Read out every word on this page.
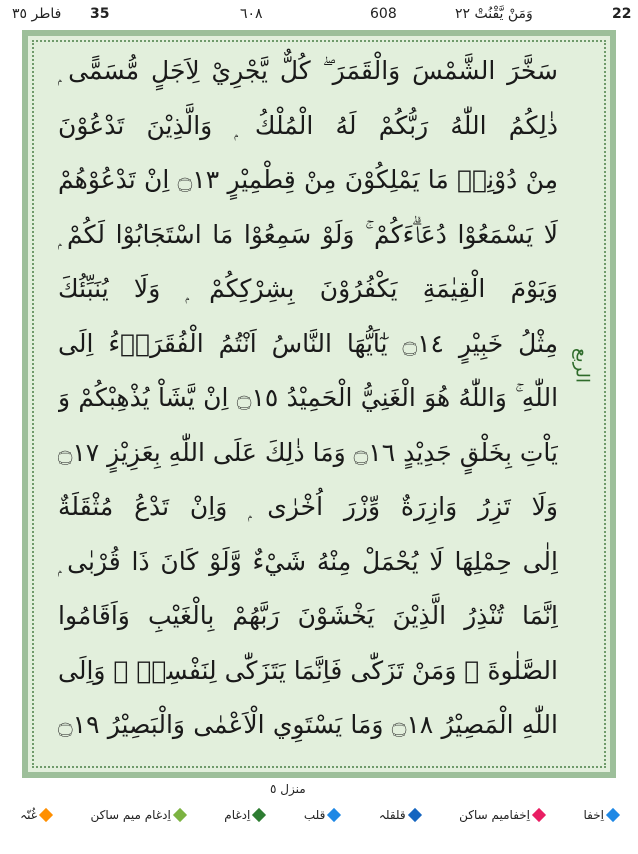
فاطر ٣٥ 35	٦٠٨	608	وَمَنْ يَّقْنُتْ ٢٢	22
سَخَّرَ الشَّمْسَ وَالْقَمَرَ ۖ كُلٌّ يَّجْرِيْ لِاَجَلٍ مُّسَمًّى ۭ
ذٰلِكُمُ اللّٰهُ رَبُّكُمْ لَهُ الْمُلْكُ ۭ وَالَّذِيْنَ تَدْعُوْنَ
مِنْ دُوْنِهٖ مَا يَمْلِكُوْنَ مِنْ قِطْمِيْرٍ ۝١٣ اِنْ تَدْعُوْهُمْ
لَا يَسْمَعُوْا دُعَاۗءَكُمْ ۚ وَلَوْ سَمِعُوْا مَا اسْتَجَابُوْا لَكُمْ ۭ
وَيَوْمَ الْقِيٰمَةِ يَكْفُرُوْنَ بِشِرْكِكُمْ ۭ وَلَا يُنَبِّئُكَ
مِثْلُ خَبِيْرٍ ۝١٤ يٰٓاَيُّهَا النَّاسُ اَنْتُمُ الْفُقَرَاۗءُ اِلَى
اللّٰهِ ۚ وَاللّٰهُ هُوَ الْغَنِيُّ الْحَمِيْدُ ۝١٥ اِنْ يَّشَاْ يُذْهِبْكُمْ وَ
يَاْتِ بِخَلْقٍ جَدِيْدٍ ۝١٦ وَمَا ذٰلِكَ عَلَى اللّٰهِ بِعَزِيْزٍ ۝١٧
وَلَا تَزِرُ وَازِرَةٌ وِّزْرَ اُخْرٰى ۭ وَاِنْ تَدْعُ مُثْقَلَةٌ
اِلٰى حِمْلِهَا لَا يُحْمَلْ مِنْهُ شَيْءٌ وَّلَوْ كَانَ ذَا قُرْبٰى ۭ
اِنَّمَا تُنْذِرُ الَّذِيْنَ يَخْشَوْنَ رَبَّهُمْ بِالْغَيْبِ وَاَقَامُوا
الصَّلٰوةَ ۭ وَمَنْ تَزَكّٰى فَاِنَّمَا يَتَزَكّٰى لِنَفْسِهٖ ۭ وَاِلَى
اللّٰهِ الْمَصِيْرُ ۝١٨ وَمَا يَسْتَوِي الْاَعْمٰى وَالْبَصِيْرُ ۝١٩
الربع
منزل ٥
اِخفا
اِخفامیم ساکن
قلقلہ
قلب
اِدغام
اِدغام میم ساکن
غُنّہ
